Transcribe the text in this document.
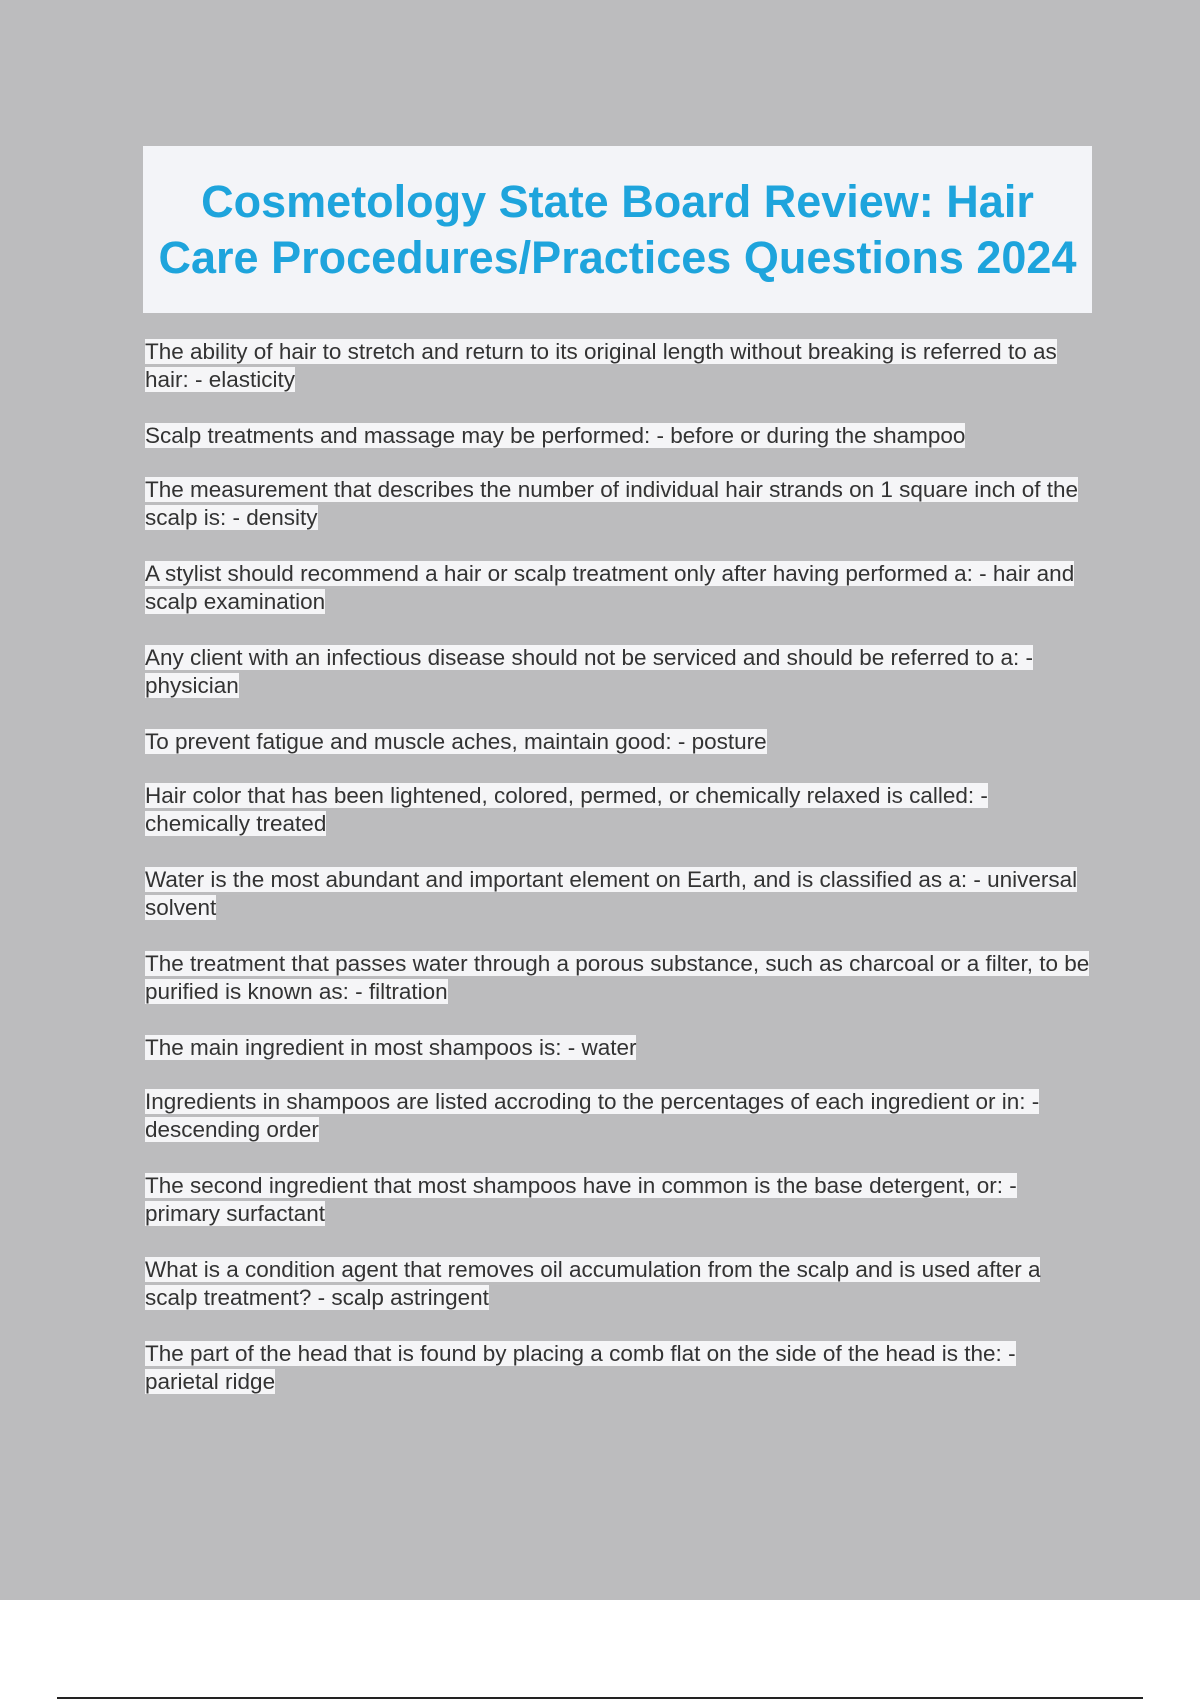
Cosmetology State Board Review: Hair Care Procedures/Practices Questions 2024

The ability of hair to stretch and return to its original length without breaking is referred to as hair: - elasticity

Scalp treatments and massage may be performed: - before or during the shampoo

The measurement that describes the number of individual hair strands on 1 square inch of the scalp is: - density

A stylist should recommend a hair or scalp treatment only after having performed a: - hair and scalp examination

Any client with an infectious disease should not be serviced and should be referred to a: - physician

To prevent fatigue and muscle aches, maintain good: - posture

Hair color that has been lightened, colored, permed, or chemically relaxed is called: - chemically treated

Water is the most abundant and important element on Earth, and is classified as a: - universal solvent

The treatment that passes water through a porous substance, such as charcoal or a filter, to be purified is known as: - filtration

The main ingredient in most shampoos is: - water

Ingredients in shampoos are listed accroding to the percentages of each ingredient or in: - descending order

The second ingredient that most shampoos have in common is the base detergent, or: - primary surfactant

What is a condition agent that removes oil accumulation from the scalp and is used after a scalp treatment? - scalp astringent

The part of the head that is found by placing a comb flat on the side of the head is the: - parietal ridge
